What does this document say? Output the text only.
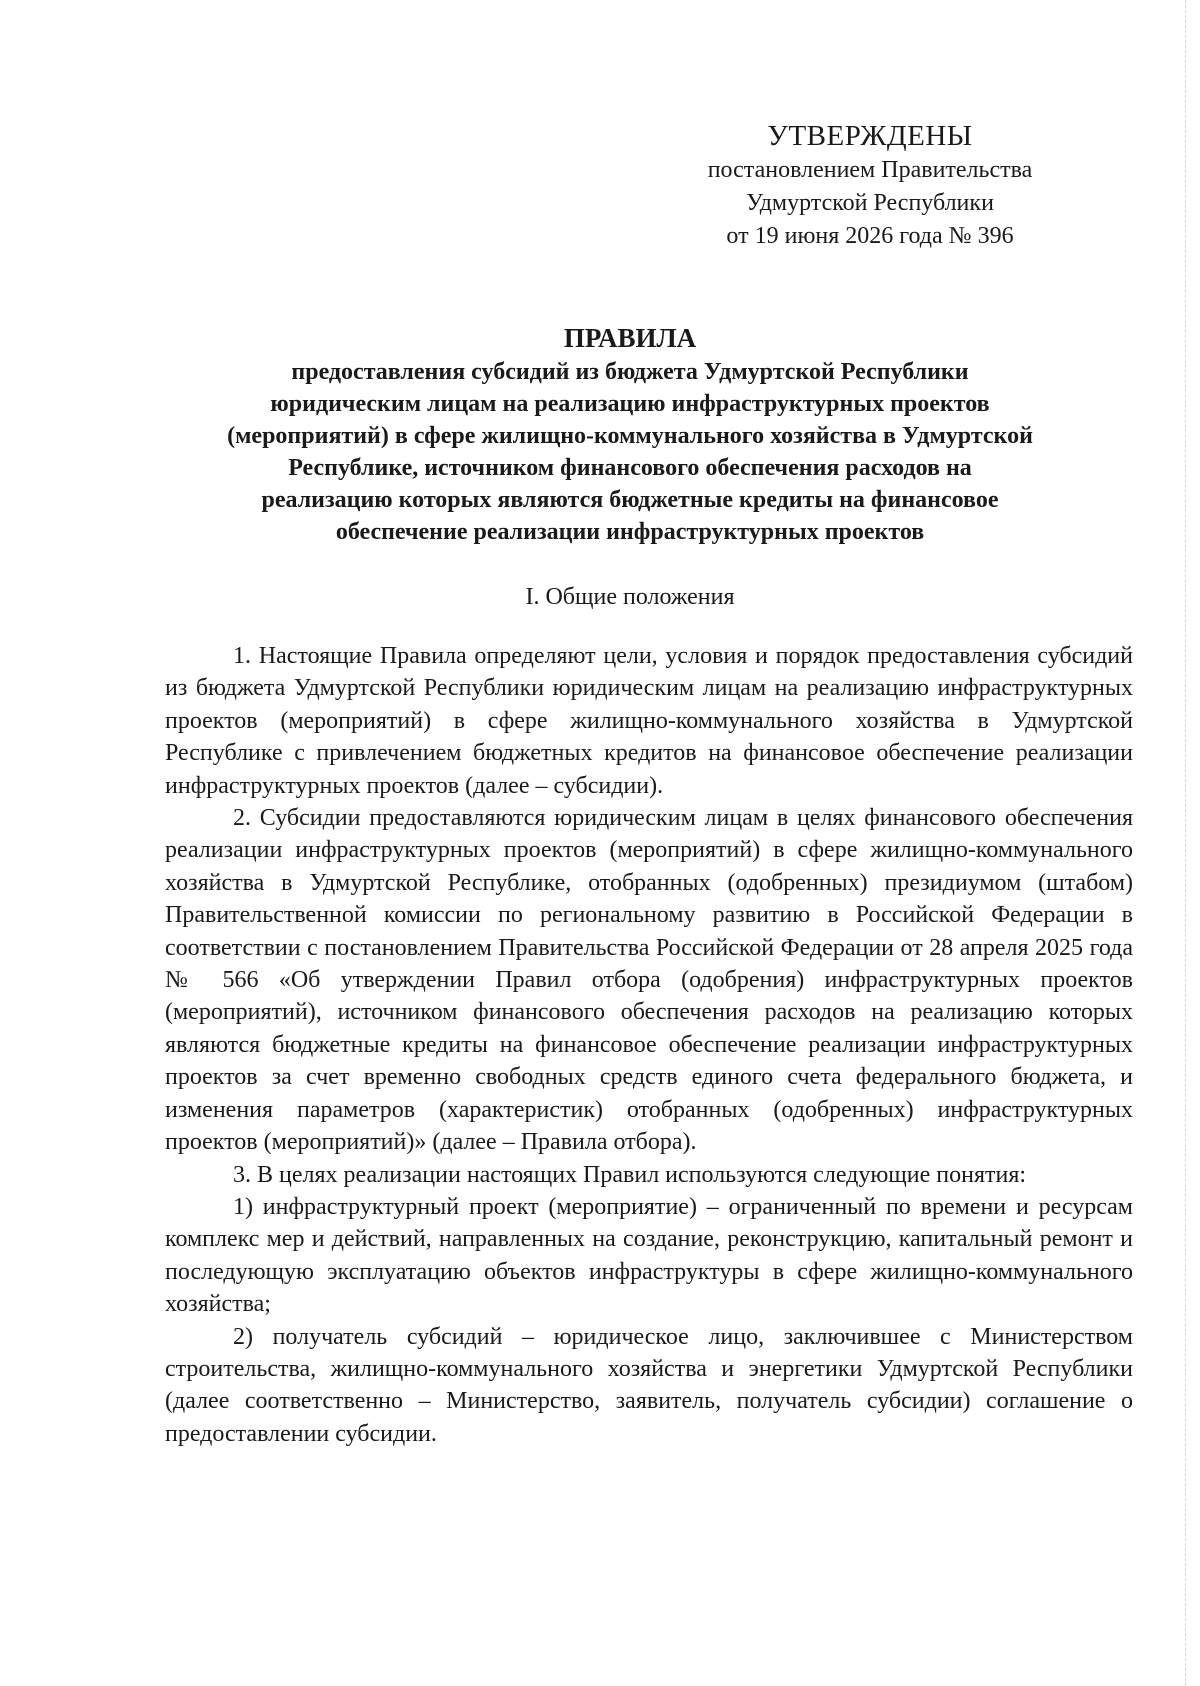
УТВЕРЖДЕНЫ
постановлением Правительства
Удмуртской Республики
от 19 июня 2026 года № 396
ПРАВИЛА
предоставления субсидий из бюджета Удмуртской Республики
юридическим лицам на реализацию инфраструктурных проектов
(мероприятий) в сфере жилищно-коммунального хозяйства в Удмуртской
Республике, источником финансового обеспечения расходов на
реализацию которых являются бюджетные кредиты на финансовое
обеспечение реализации инфраструктурных проектов
I. Общие положения

1. Настоящие Правила определяют цели, условия и порядок предоставления субсидий из бюджета Удмуртской Республики юридическим лицам на реализацию инфраструктурных проектов (мероприятий) в сфере жилищно-коммунального хозяйства в Удмуртской Республике с привлечением бюджетных кредитов на финансовое обеспечение реализации инфраструктурных проектов (далее – субсидии).

2. Субсидии предоставляются юридическим лицам в целях финансового обеспечения реализации инфраструктурных проектов (мероприятий) в сфере жилищно-коммунального хозяйства в Удмуртской Республике, отобранных (одобренных) президиумом (штабом) Правительственной комиссии по региональному развитию в Российской Федерации в соответствии с постановлением Правительства Российской Федерации от 28 апреля 2025 года № 566 «Об утверждении Правил отбора (одобрения) инфраструктурных проектов (мероприятий), источником финансового обеспечения расходов на реализацию которых являются бюджетные кредиты на финансовое обеспечение реализации инфраструктурных проектов за счет временно свободных средств единого счета федерального бюджета, и изменения параметров (характеристик) отобранных (одобренных) инфраструктурных проектов (мероприятий)» (далее – Правила отбора).

3. В целях реализации настоящих Правил используются следующие понятия:

1) инфраструктурный проект (мероприятие) – ограниченный по времени и ресурсам комплекс мер и действий, направленных на создание, реконструкцию, капитальный ремонт и последующую эксплуатацию объектов инфраструктуры в сфере жилищно-коммунального хозяйства;

2) получатель субсидий – юридическое лицо, заключившее с Министерством строительства, жилищно-коммунального хозяйства и энергетики Удмуртской Республики (далее соответственно – Министерство, заявитель, получатель субсидии) соглашение о предоставлении субсидии.
